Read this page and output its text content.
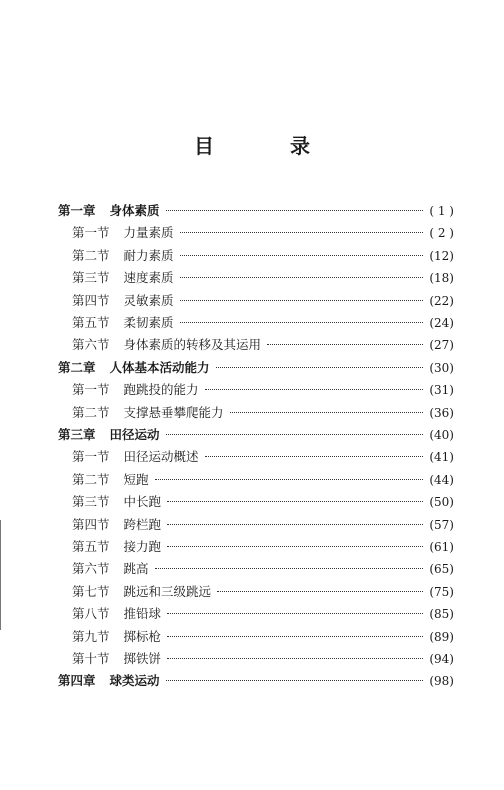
目　录
第一章 身体素质	( 1 )
第一节 力量素质	( 2 )
第二节 耐力素质	(12)
第三节 速度素质	(18)
第四节 灵敏素质	(22)
第五节 柔韧素质	(24)
第六节 身体素质的转移及其运用	(27)
第二章 人体基本活动能力	(30)
第一节 跑跳投的能力	(31)
第二节 支撑悬垂攀爬能力	(36)
第三章 田径运动	(40)
第一节 田径运动概述	(41)
第二节 短跑	(44)
第三节 中长跑	(50)
第四节 跨栏跑	(57)
第五节 接力跑	(61)
第六节 跳高	(65)
第七节 跳远和三级跳远	(75)
第八节 推铅球	(85)
第九节 掷标枪	(89)
第十节 掷铁饼	(94)
第四章 球类运动	(98)
